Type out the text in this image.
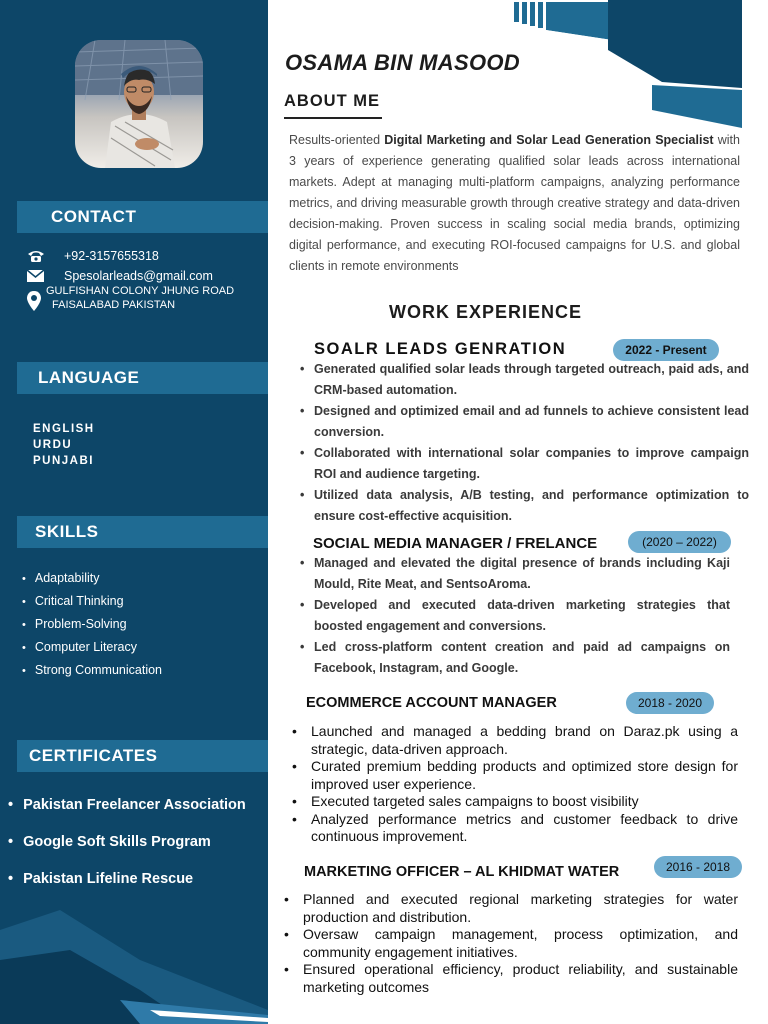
CONTACT
+92-3157655318
Spesolarleads@gmail.com
GULFISHAN COLONY JHUNG ROAD
FAISALABAD PAKISTAN
LANGUAGE
ENGLISH
URDU
PUNJABI
SKILLS
• Adaptability
• Critical Thinking
• Problem-Solving
• Computer Literacy
• Strong Communication
CERTIFICATES
• Pakistan Freelancer Association
• Google Soft Skills Program
• Pakistan Lifeline Rescue
OSAMA BIN MASOOD
ABOUT ME
Results-oriented Digital Marketing and Solar Lead Generation Specialist with 3 years of experience generating qualified solar leads across international markets. Adept at managing multi-platform campaigns, analyzing performance metrics, and driving measurable growth through creative strategy and data-driven decision-making. Proven success in scaling social media brands, optimizing digital performance, and executing ROI-focused campaigns for U.S. and global clients in remote environments
WORK EXPERIENCE
SOALR LEADS GENRATION	2022 - Present
• Generated qualified solar leads through targeted outreach, paid ads, and CRM-based automation.
• Designed and optimized email and ad funnels to achieve consistent lead conversion.
• Collaborated with international solar companies to improve campaign ROI and audience targeting.
• Utilized data analysis, A/B testing, and performance optimization to ensure cost-effective acquisition.
SOCIAL MEDIA MANAGER / FRELANCE	(2020 – 2022)
• Managed and elevated the digital presence of brands including Kaji Mould, Rite Meat, and SentsoAroma.
• Developed and executed data-driven marketing strategies that boosted engagement and conversions.
• Led cross-platform content creation and paid ad campaigns on Facebook, Instagram, and Google.
ECOMMERCE ACCOUNT MANAGER	2018 - 2020
• Launched and managed a bedding brand on Daraz.pk using a strategic, data-driven approach.
• Curated premium bedding products and optimized store design for improved user experience.
• Executed targeted sales campaigns to boost visibility
• Analyzed performance metrics and customer feedback to drive continuous improvement.
MARKETING OFFICER – AL KHIDMAT WATER	2016 - 2018
• Planned and executed regional marketing strategies for water production and distribution.
• Oversaw campaign management, process optimization, and community engagement initiatives.
• Ensured operational efficiency, product reliability, and sustainable marketing outcomes
